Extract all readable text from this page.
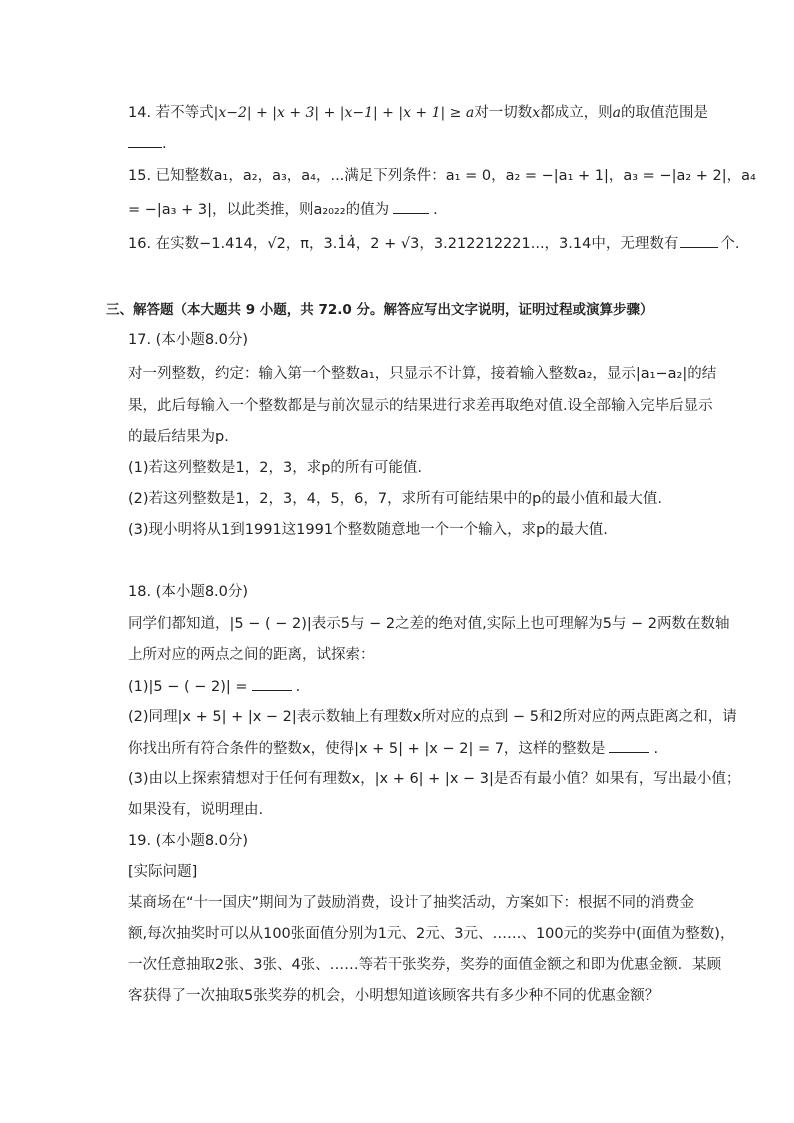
14. 若不等式|x−2| + |x + 3| + |x−1| + |x + 1| ≥ a对一切数x都成立，则a的取值范围是
.
15. 已知整数a₁，a₂，a₃，a₄，...满足下列条件：a₁ = 0，a₂ = −|a₁ + 1|，a₃ = −|a₂ + 2|，a₄
= −|a₃ + 3|，以此类推，则a₂₀₂₂的值为	.
16. 在实数−1.414，√2，π，3.1̇4̇，2 + √3，3.212212221...，3.14中，无理数有	个.
三、解答题（本大题共 9 小题，共 72.0 分。解答应写出文字说明，证明过程或演算步骤）
17. (本小题8.0分)
对一列整数，约定：输入第一个整数a₁，只显示不计算，接着输入整数a₂，显示|a₁−a₂|的结
果，此后每输入一个整数都是与前次显示的结果进行求差再取绝对值.设全部输入完毕后显示
的最后结果为p.
(1)若这列整数是1，2，3，求p的所有可能值.
(2)若这列整数是1，2，3，4，5，6，7，求所有可能结果中的p的最小值和最大值.
(3)现小明将从1到1991这1991个整数随意地一个一个输入，求p的最大值.
18. (本小题8.0分)
同学们都知道，|5 − ( − 2)|表示5与 − 2之差的绝对值,实际上也可理解为5与 − 2两数在数轴
上所对应的两点之间的距离，试探索：
(1)|5 − ( − 2)| =	.
(2)同理|x + 5| + |x − 2|表示数轴上有理数x所对应的点到 − 5和2所对应的两点距离之和，请
你找出所有符合条件的整数x，使得|x + 5| + |x − 2| = 7，这样的整数是	.
(3)由以上探索猜想对于任何有理数x，|x + 6| + |x − 3|是否有最小值？如果有，写出最小值；
如果没有，说明理由.
19. (本小题8.0分)
[实际问题]
某商场在“十一国庆”期间为了鼓励消费，设计了抽奖活动，方案如下：根据不同的消费金
额,每次抽奖时可以从100张面值分别为1元、2元、3元、……、100元的奖券中(面值为整数)，
一次任意抽取2张、3张、4张、……等若干张奖券，奖券的面值金额之和即为优惠金额．某顾
客获得了一次抽取5张奖券的机会，小明想知道该顾客共有多少种不同的优惠金额？
